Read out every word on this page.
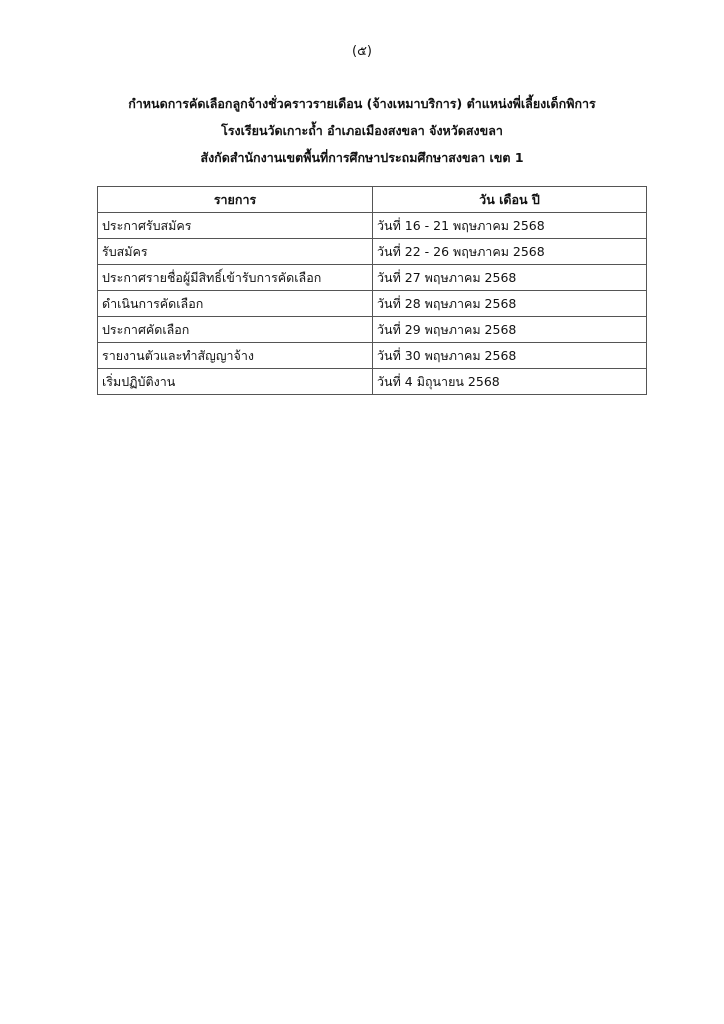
(๕)
กำหนดการคัดเลือกลูกจ้างชั่วคราวรายเดือน (จ้างเหมาบริการ) ตำแหน่งพี่เลี้ยงเด็กพิการ
โรงเรียนวัดเกาะถ้ำ อำเภอเมืองสงขลา จังหวัดสงขลา
สังกัดสำนักงานเขตพื้นที่การศึกษาประถมศึกษาสงขลา เขต 1
รายการ	วัน เดือน ปี
ประกาศรับสมัคร	วันที่ 16 - 21 พฤษภาคม 2568
รับสมัคร	วันที่ 22 - 26 พฤษภาคม 2568
ประกาศรายชื่อผู้มีสิทธิ์เข้ารับการคัดเลือก	วันที่ 27 พฤษภาคม 2568
ดำเนินการคัดเลือก	วันที่ 28 พฤษภาคม 2568
ประกาศคัดเลือก	วันที่ 29 พฤษภาคม 2568
รายงานตัวและทำสัญญาจ้าง	วันที่ 30 พฤษภาคม 2568
เริ่มปฏิบัติงาน	วันที่ 4 มิถุนายน 2568
